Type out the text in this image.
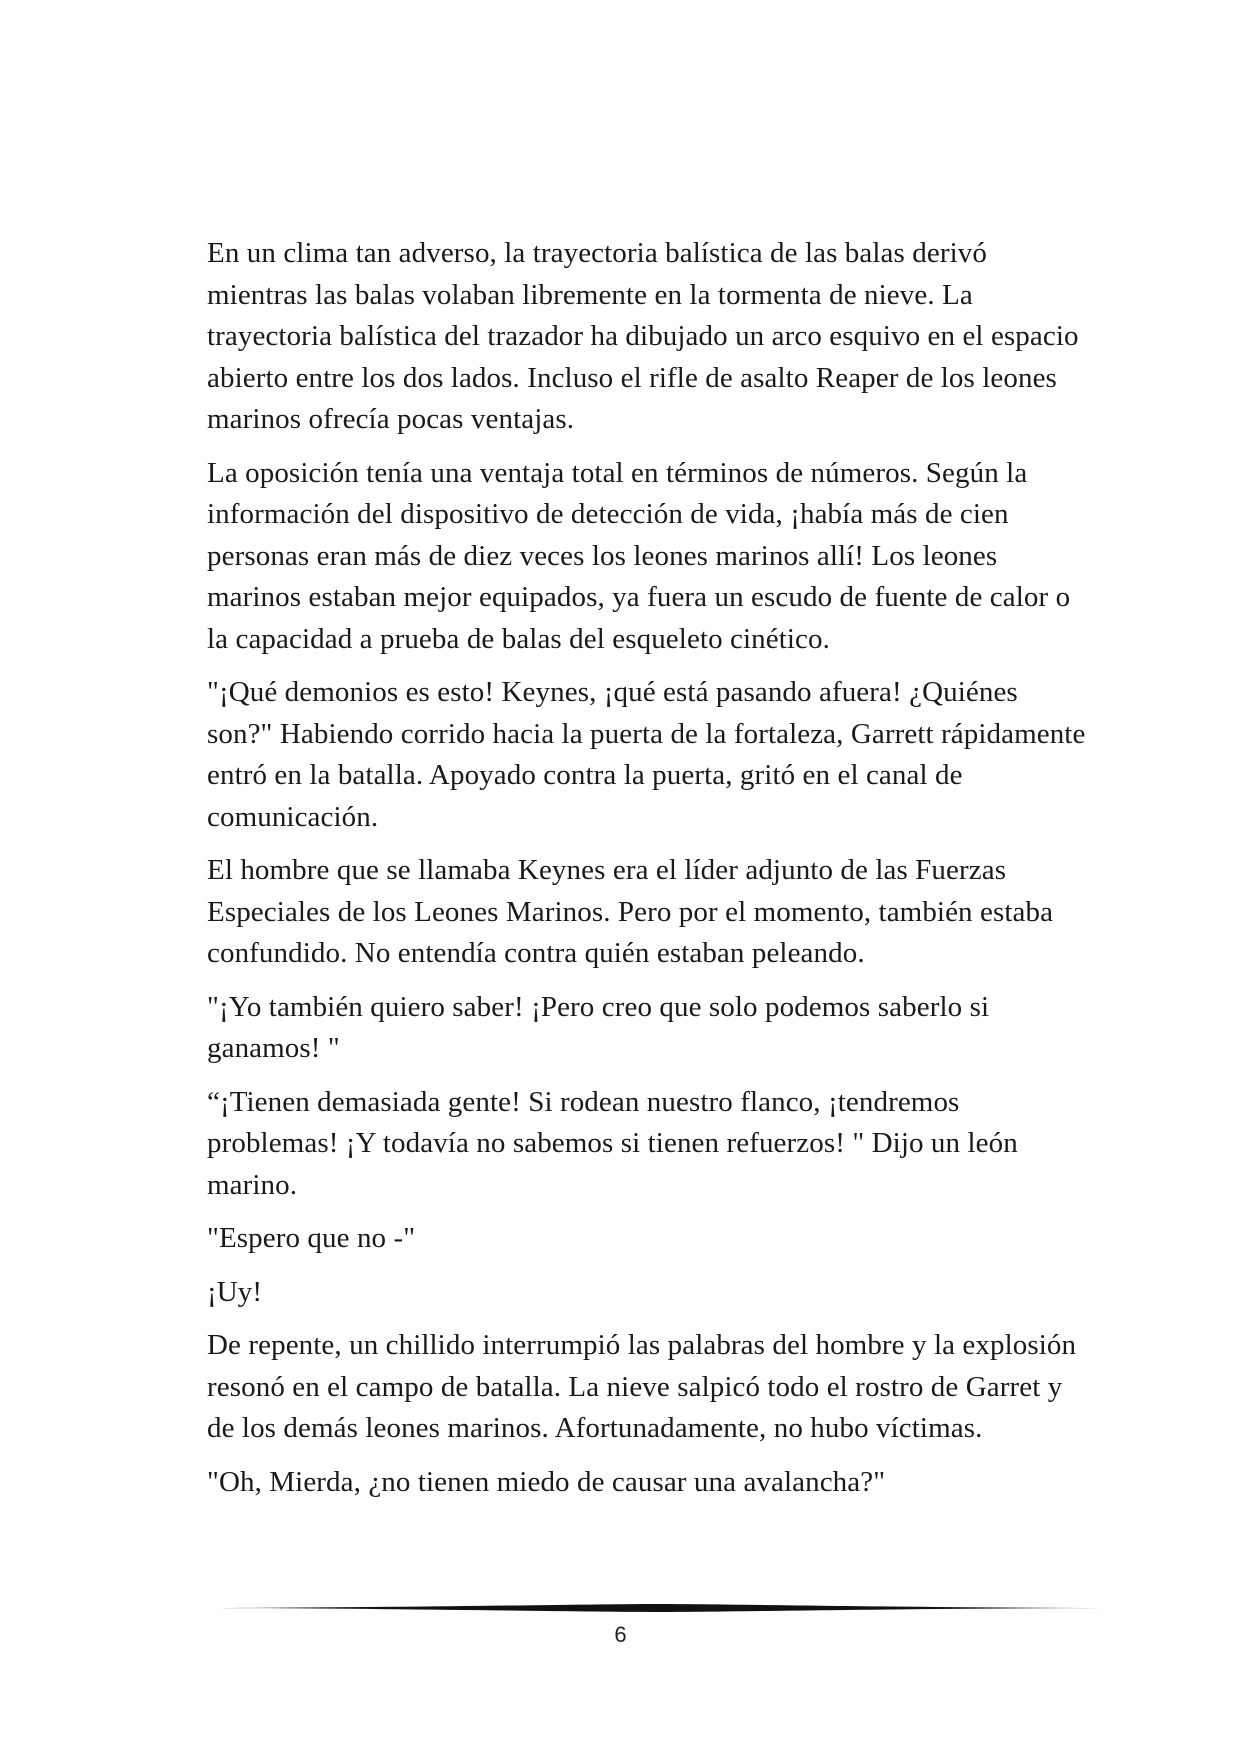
En un clima tan adverso, la trayectoria balística de las balas derivó mientras las balas volaban libremente en la tormenta de nieve. La trayectoria balística del trazador ha dibujado un arco esquivo en el espacio abierto entre los dos lados. Incluso el rifle de asalto Reaper de los leones marinos ofrecía pocas ventajas.

La oposición tenía una ventaja total en términos de números. Según la información del dispositivo de detección de vida, ¡había más de cien personas eran más de diez veces los leones marinos allí! Los leones marinos estaban mejor equipados, ya fuera un escudo de fuente de calor o la capacidad a prueba de balas del esqueleto cinético.

"¡Qué demonios es esto! Keynes, ¡qué está pasando afuera! ¿Quiénes son?" Habiendo corrido hacia la puerta de la fortaleza, Garrett rápidamente entró en la batalla. Apoyado contra la puerta, gritó en el canal de comunicación.

El hombre que se llamaba Keynes era el líder adjunto de las Fuerzas Especiales de los Leones Marinos. Pero por el momento, también estaba confundido. No entendía contra quién estaban peleando.

"¡Yo también quiero saber! ¡Pero creo que solo podemos saberlo si ganamos! "

“¡Tienen demasiada gente! Si rodean nuestro flanco, ¡tendremos problemas! ¡Y todavía no sabemos si tienen refuerzos! " Dijo un león marino.

"Espero que no -"

¡Uy!

De repente, un chillido interrumpió las palabras del hombre y la explosión resonó en el campo de batalla. La nieve salpicó todo el rostro de Garret y de los demás leones marinos. Afortunadamente, no hubo víctimas.

"Oh, Mierda, ¿no tienen miedo de causar una avalancha?"

6
